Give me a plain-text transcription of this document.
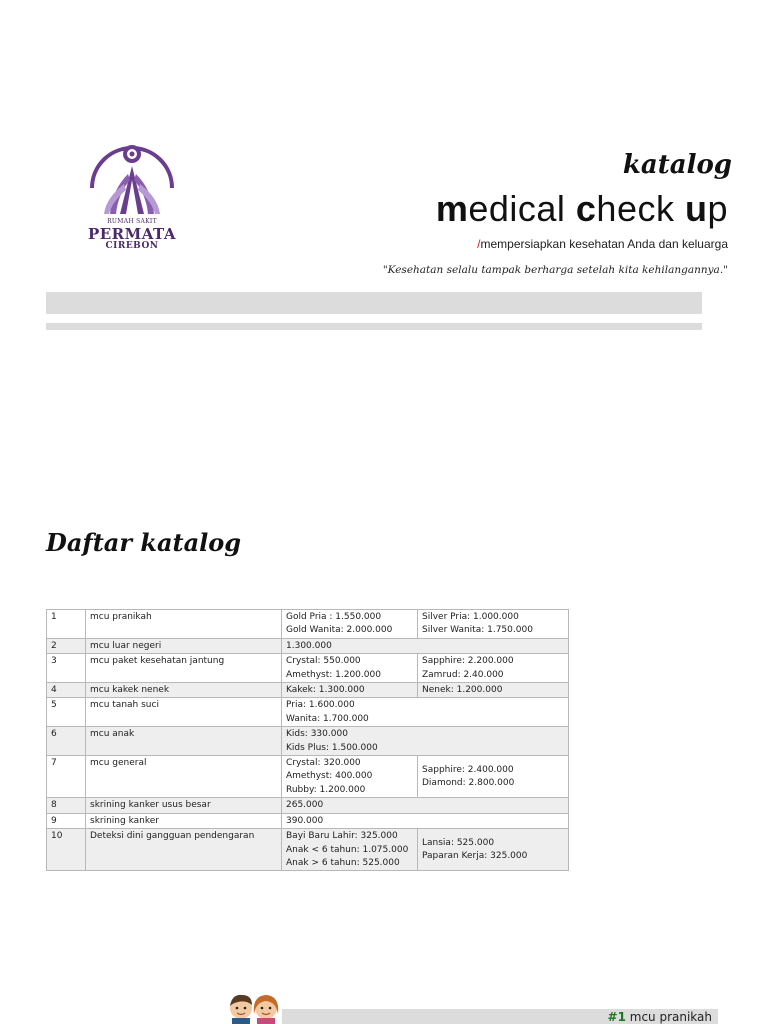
RUMAH SAKIT
PERMATA
CIREBON
katalog
medical check up
/mempersiapkan kesehatan Anda dan keluarga
"Kesehatan selalu tampak berharga setelah kita kehilangannya."
Daftar katalog
1	mcu pranikah	Gold Pria : 1.550.000
Gold Wanita: 2.000.000	Silver Pria: 1.000.000
Silver Wanita: 1.750.000

2	mcu luar negeri	1.300.000	

3	mcu paket kesehatan jantung	Crystal: 550.000
Amethyst: 1.200.000	Sapphire: 2.200.000
Zamrud: 2.40.000

4	mcu kakek nenek	Kakek: 1.300.000	Nenek: 1.200.000

5	mcu tanah suci	Pria: 1.600.000
Wanita: 1.700.000	

6	mcu anak	Kids: 330.000
Kids Plus: 1.500.000	

7	mcu general	Crystal: 320.000
Amethyst: 400.000
Rubby: 1.200.000	Sapphire: 2.400.000
Diamond: 2.800.000

8	skrining kanker usus besar	265.000	

9	skrining kanker	390.000	

10	Deteksi dini gangguan pendengaran	Bayi Baru Lahir: 325.000
Anak < 6 tahun: 1.075.000
Anak > 6 tahun: 525.000	Lansia: 525.000
Paparan Kerja: 325.000
#1 mcu pranikah
